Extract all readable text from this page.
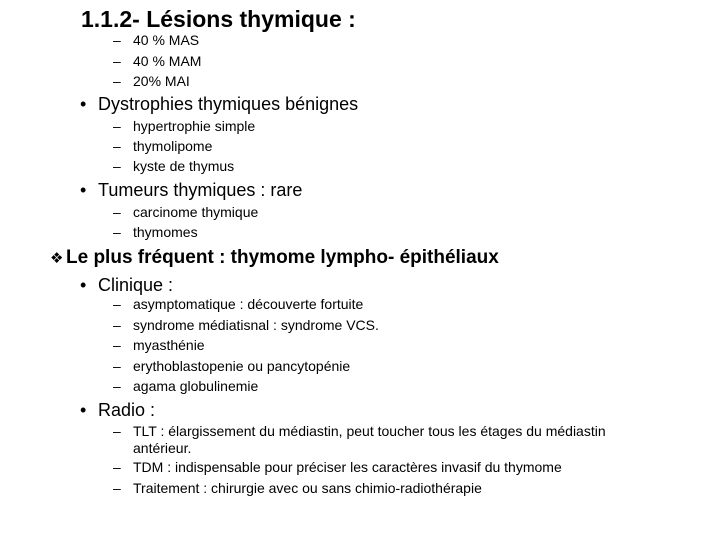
1.1.2- Lésions thymique :
– 40 % MAS
– 40 % MAM
– 20% MAI
• Dystrophies thymiques bénignes
– hypertrophie simple
– thymolipome
– kyste de thymus
• Tumeurs thymiques : rare
– carcinome thymique
– thymomes
❖ Le plus fréquent : thymome lympho- épithéliaux
• Clinique :
– asymptomatique : découverte fortuite
– syndrome médiatisnal : syndrome VCS.
– myasthénie
– erythoblastopenie ou pancytopénie
– agama globulinemie
• Radio :
– TLT : élargissement du médiastin, peut toucher tous les étages du médiastin
antérieur.
– TDM : indispensable pour préciser les caractères invasif du thymome
– Traitement : chirurgie avec ou sans chimio-radiothérapie
